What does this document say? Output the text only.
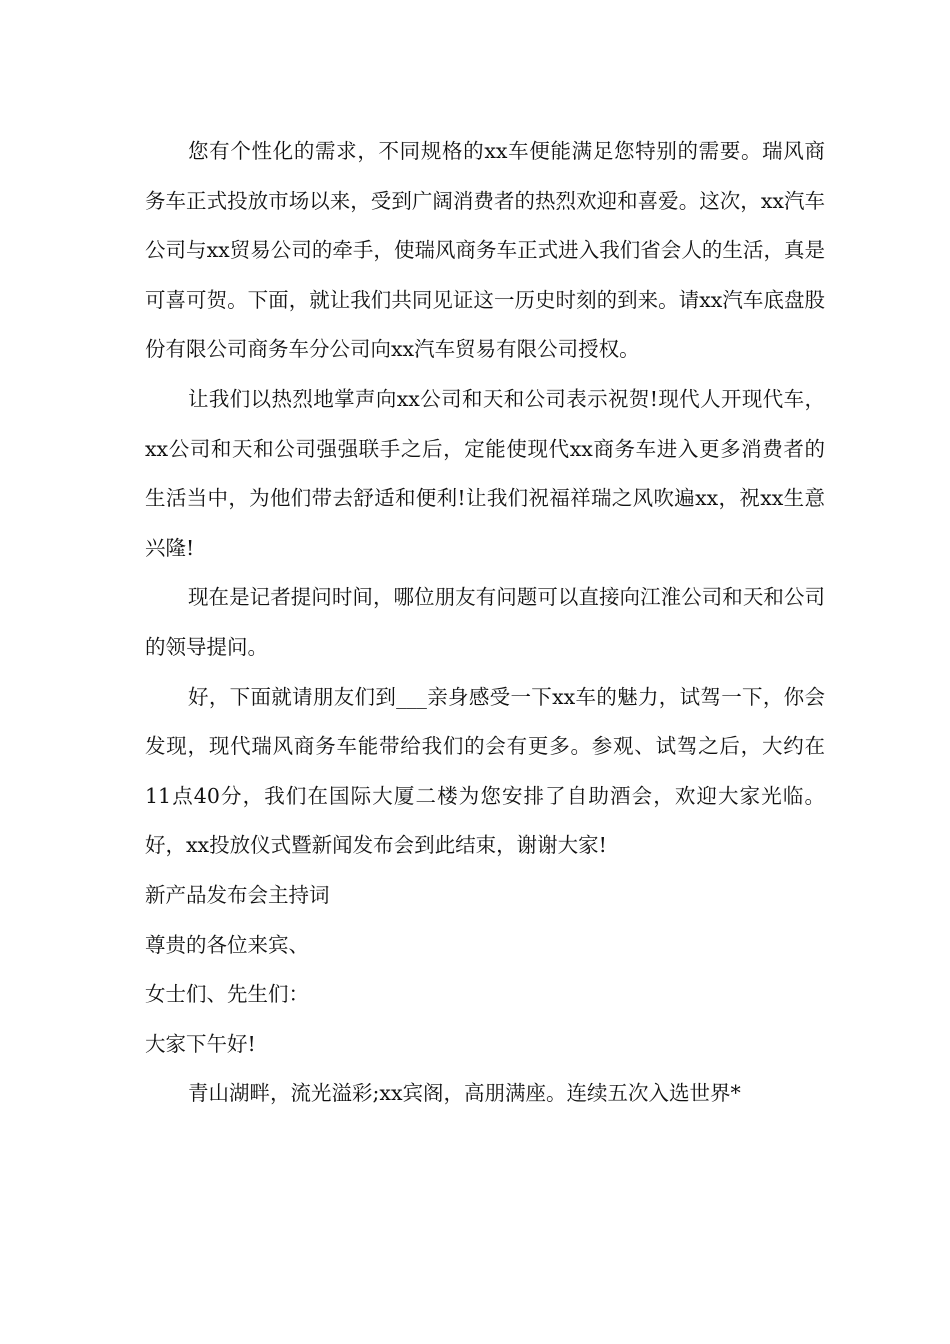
您有个性化的需求，不同规格的xx车便能满足您特别的需要。瑞风商务车正式投放市场以来，受到广阔消费者的热烈欢迎和喜爱。这次，xx汽车公司与xx贸易公司的牵手，使瑞风商务车正式进入我们省会人的生活，真是可喜可贺。下面，就让我们共同见证这一历史时刻的到来。请xx汽车底盘股份有限公司商务车分公司向xx汽车贸易有限公司授权。

让我们以热烈地掌声向xx公司和天和公司表示祝贺!现代人开现代车，xx公司和天和公司强强联手之后，定能使现代xx商务车进入更多消费者的生活当中，为他们带去舒适和便利!让我们祝福祥瑞之风吹遍xx，祝xx生意兴隆!

现在是记者提问时间，哪位朋友有问题可以直接向江淮公司和天和公司的领导提问。

好，下面就请朋友们到___亲身感受一下xx车的魅力，试驾一下，你会发现，现代瑞风商务车能带给我们的会有更多。参观、试驾之后，大约在11点40分，我们在国际大厦二楼为您安排了自助酒会，欢迎大家光临。好，xx投放仪式暨新闻发布会到此结束，谢谢大家!

新产品发布会主持词

尊贵的各位来宾、

女士们、先生们：

大家下午好!

青山湖畔，流光溢彩;xx宾阁，高朋满座。连续五次入选世界*
